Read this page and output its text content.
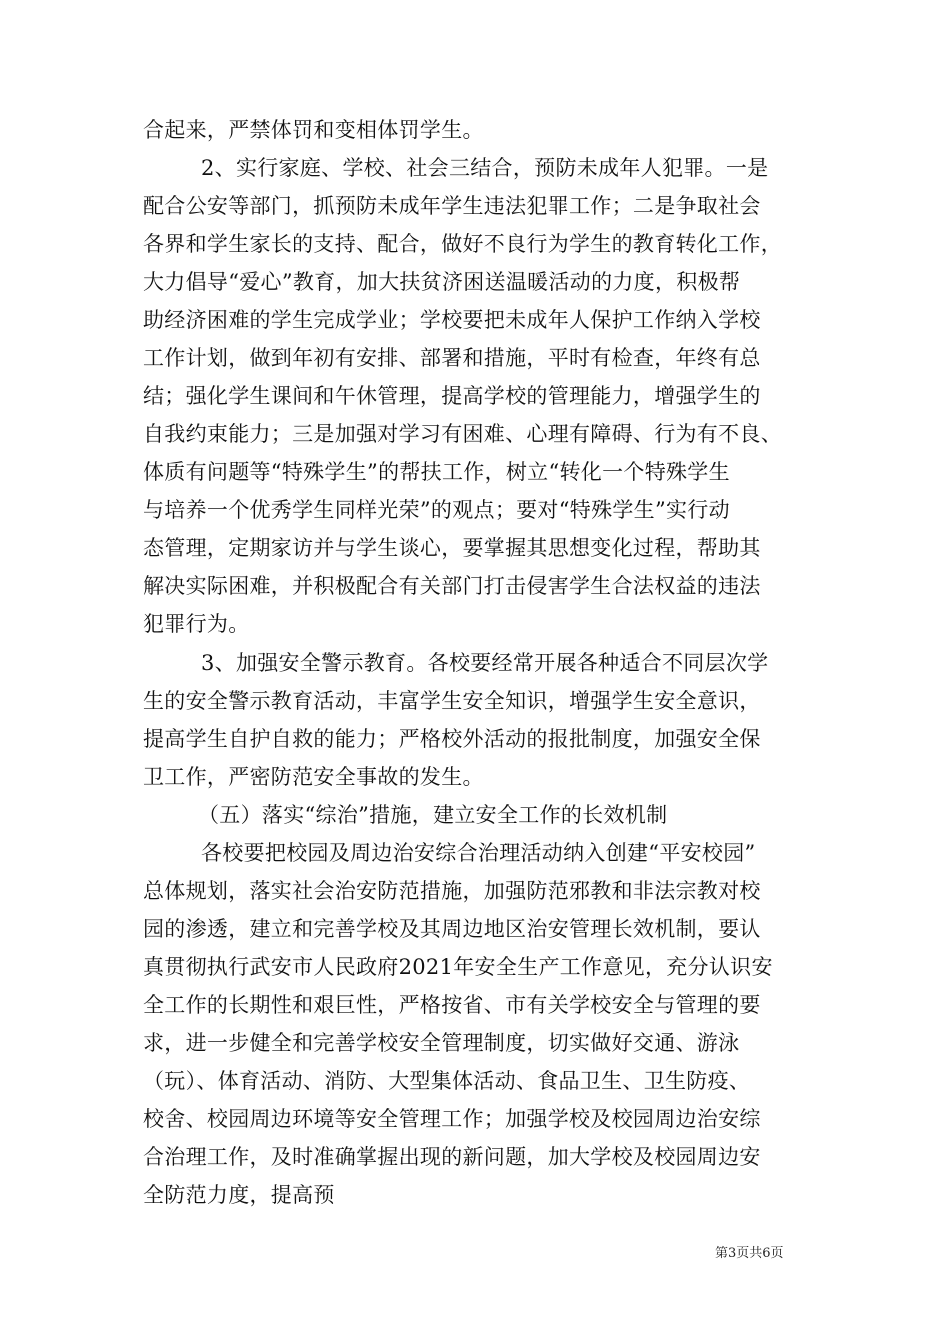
合起来，严禁体罚和变相体罚学生。
2、实行家庭、学校、社会三结合，预防未成年人犯罪。一是
配合公安等部门，抓预防未成年学生违法犯罪工作；二是争取社会
各界和学生家长的支持、配合，做好不良行为学生的教育转化工作，
大力倡导“爱心”教育，加大扶贫济困送温暖活动的力度，积极帮
助经济困难的学生完成学业；学校要把未成年人保护工作纳入学校
工作计划，做到年初有安排、部署和措施，平时有检查，年终有总
结；强化学生课间和午休管理，提高学校的管理能力，增强学生的
自我约束能力；三是加强对学习有困难、心理有障碍、行为有不良、
体质有问题等“特殊学生”的帮扶工作，树立“转化一个特殊学生
与培养一个优秀学生同样光荣”的观点；要对“特殊学生”实行动
态管理，定期家访并与学生谈心，要掌握其思想变化过程，帮助其
解决实际困难，并积极配合有关部门打击侵害学生合法权益的违法
犯罪行为。
3、加强安全警示教育。各校要经常开展各种适合不同层次学
生的安全警示教育活动，丰富学生安全知识，增强学生安全意识，
提高学生自护自救的能力；严格校外活动的报批制度，加强安全保
卫工作，严密防范安全事故的发生。
（五）落实“综治”措施，建立安全工作的长效机制
各校要把校园及周边治安综合治理活动纳入创建“平安校园”
总体规划，落实社会治安防范措施，加强防范邪教和非法宗教对校
园的渗透，建立和完善学校及其周边地区治安管理长效机制，要认
真贯彻执行武安市人民政府2021年安全生产工作意见，充分认识安
全工作的长期性和艰巨性，严格按省、市有关学校安全与管理的要
求，进一步健全和完善学校安全管理制度，切实做好交通、游泳
（玩）、体育活动、消防、大型集体活动、食品卫生、卫生防疫、
校舍、校园周边环境等安全管理工作；加强学校及校园周边治安综
合治理工作，及时准确掌握出现的新问题，加大学校及校园周边安
全防范力度，提高预
第3页共6页
